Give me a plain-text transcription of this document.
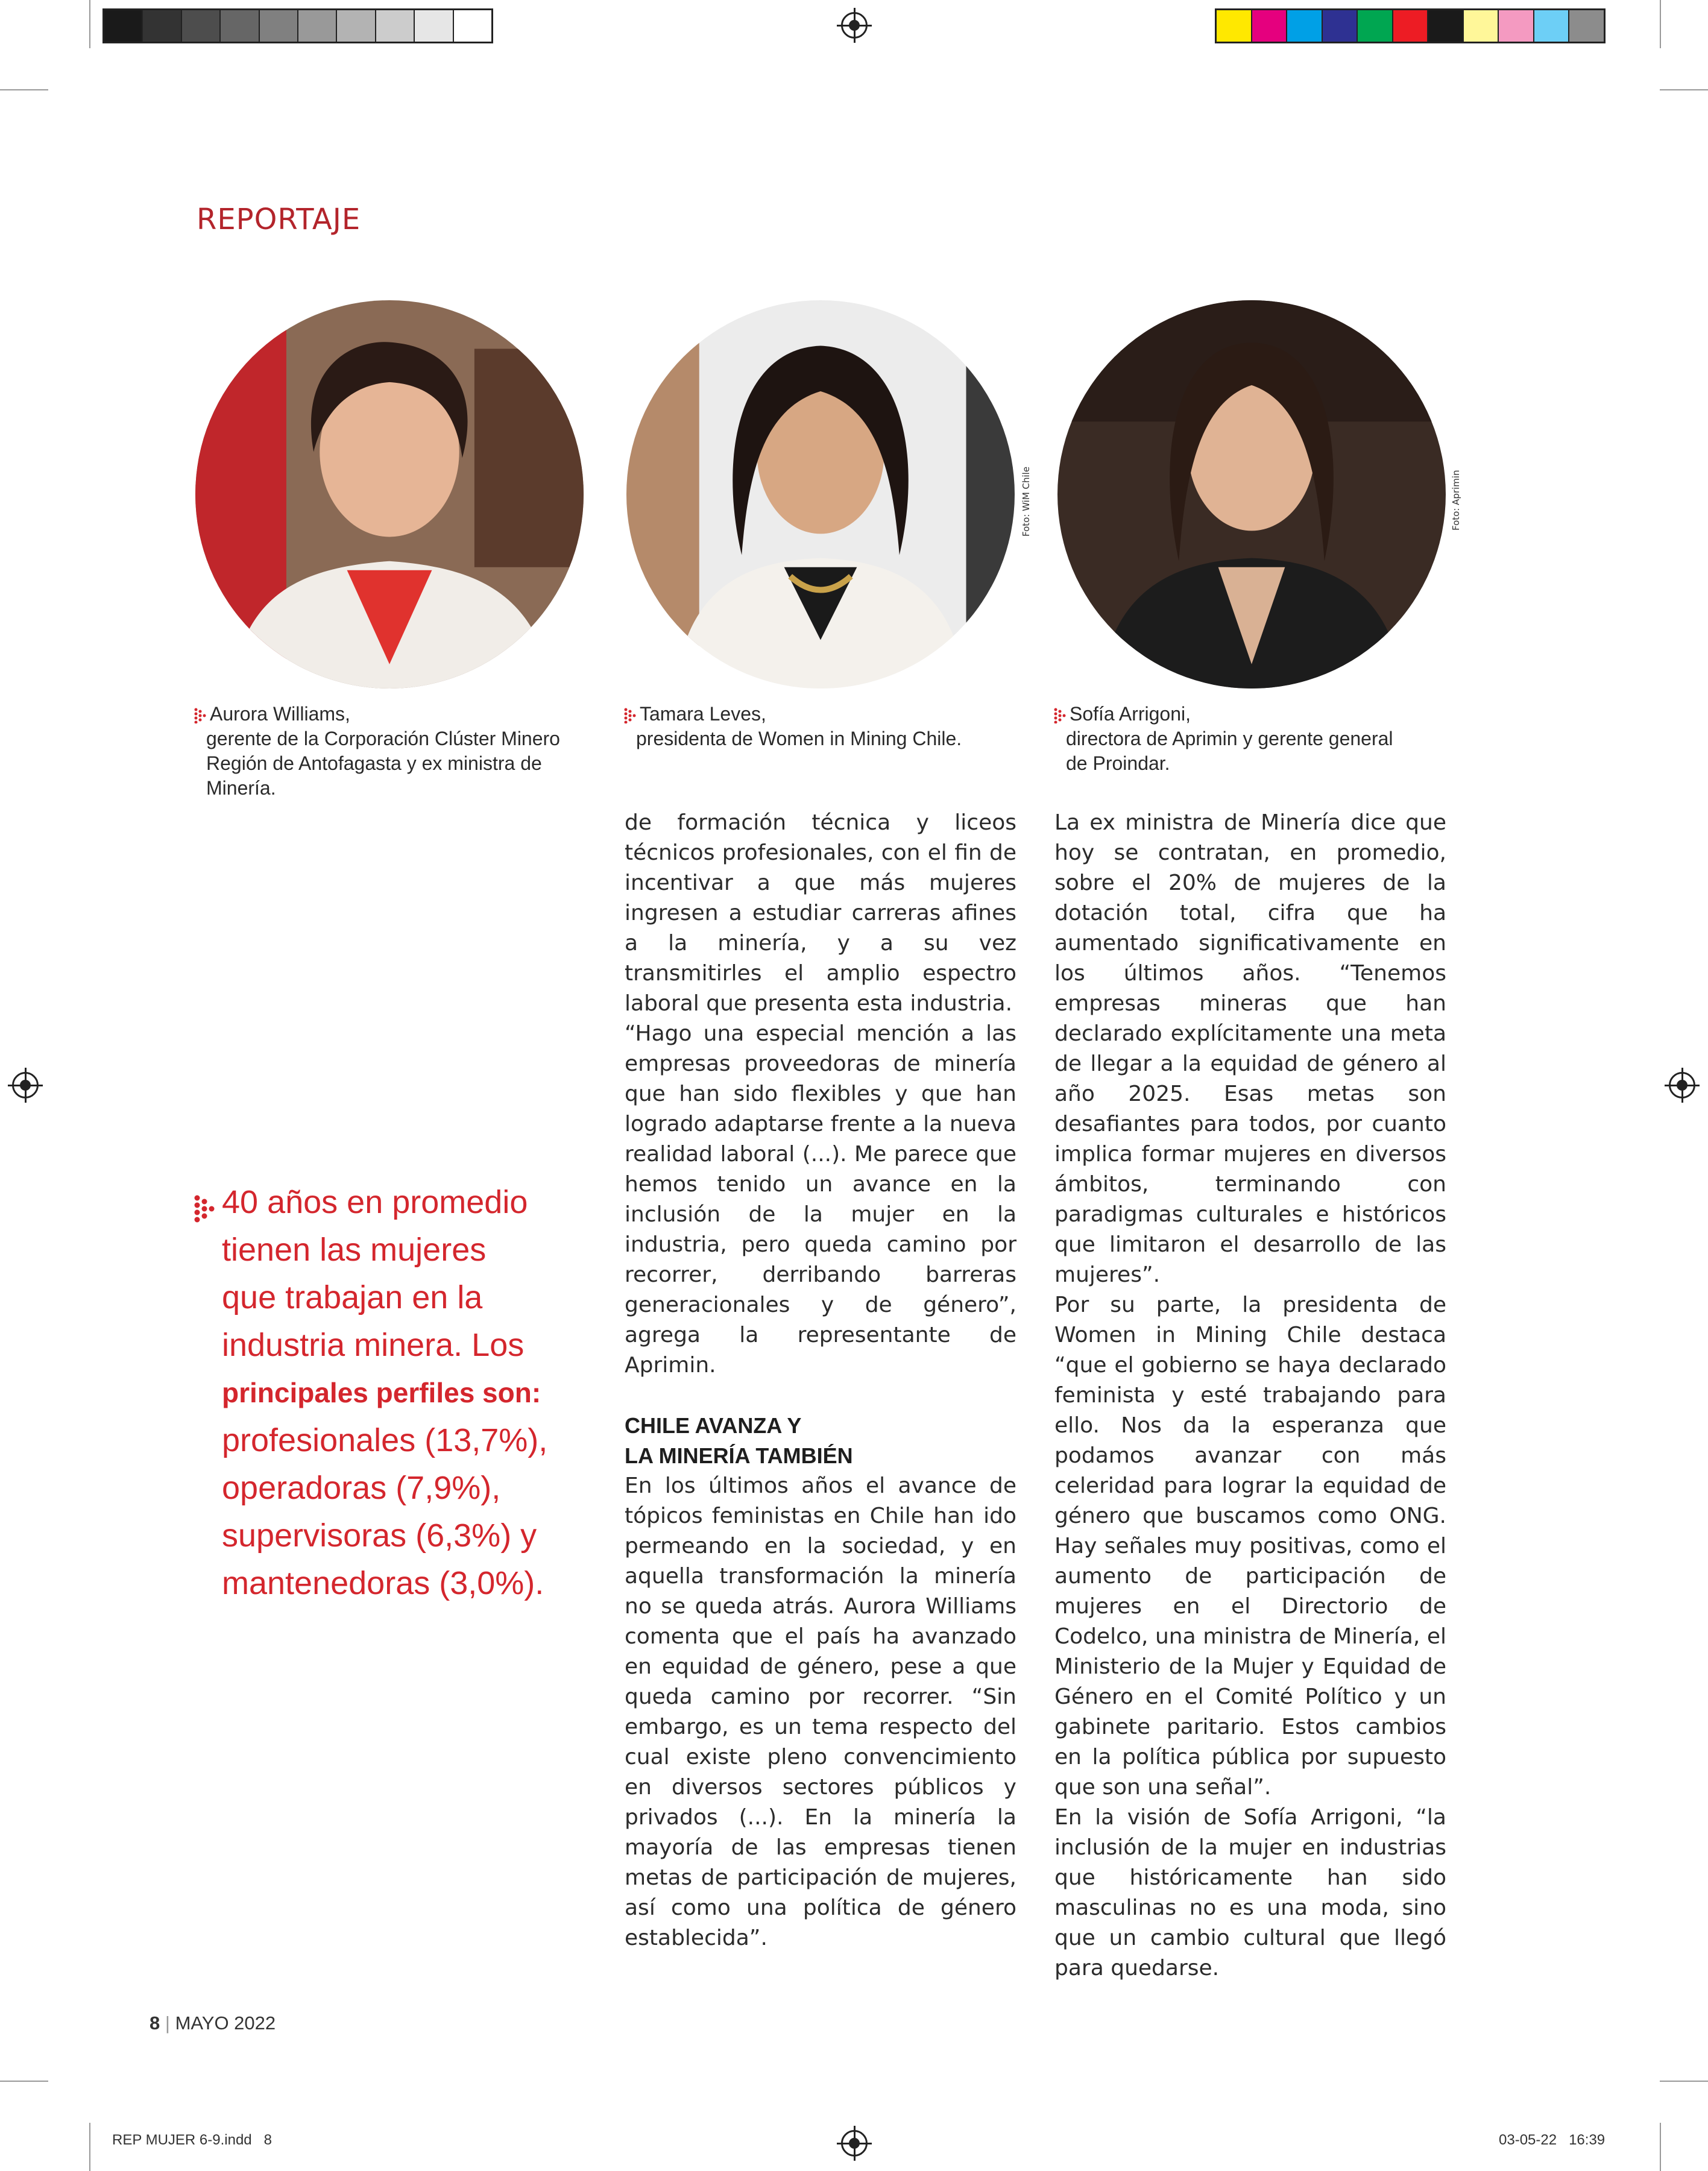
REPORTAJE
Foto: WiM Chile	Foto: Aprimin
Aurora Williams,
gerente de la Corporación Clúster Minero
Región de Antofagasta y ex ministra de
Minería.
Tamara Leves,
presidenta de Women in Mining Chile.
Sofía Arrigoni,
directora de Aprimin y gerente general
de Proindar.
40 años en promedio
tienen las mujeres
que trabajan en la
industria minera. Los
principales perfiles son:
profesionales (13,7%),
operadoras (7,9%),
supervisoras (6,3%) y
mantenedoras (3,0%).

de formación técnica y liceos técnicos profesionales, con el fin de incentivar a que más mujeres ingresen a estudiar carreras afines a la minería, y a su vez transmitirles el amplio espectro laboral que presenta esta industria.

“Hago una especial mención a las empresas proveedoras de minería que han sido flexibles y que han logrado adaptarse frente a la nueva realidad laboral (...). Me parece que hemos tenido un avance en la inclusión de la mujer en la industria, pero queda camino por recorrer, derribando barreras generacionales y de género”, agrega la representante de Aprimin.

CHILE AVANZA Y
LA MINERÍA TAMBIÉN

En los últimos años el avance de tópicos feministas en Chile han ido permeando en la sociedad, y en aquella transformación la minería no se queda atrás. Aurora Williams comenta que el país ha avanzado en equidad de género, pese a que queda camino por recorrer. “Sin embargo, es un tema respecto del cual existe pleno convencimiento en diversos sectores públicos y privados (...). En la minería la mayoría de las empresas tienen metas de participación de mujeres, así como una política de género establecida”.

La ex ministra de Minería dice que hoy se contratan, en promedio, sobre el 20% de mujeres de la dotación total, cifra que ha aumentado significativamente en los últimos años. “Tenemos empresas mineras que han declarado explícitamente una meta de llegar a la equidad de género al año 2025. Esas metas son desafiantes para todos, por cuanto implica formar mujeres en diversos ámbitos, terminando con paradigmas culturales e históricos que limitaron el desarrollo de las mujeres”.

Por su parte, la presidenta de Women in Mining Chile destaca “que el gobierno se haya declarado feminista y esté trabajando para ello. Nos da la esperanza que podamos avanzar con más celeridad para lograr la equidad de género que buscamos como ONG. Hay señales muy positivas, como el aumento de participación de mujeres en el Directorio de Codelco, una ministra de Minería, el Ministerio de la Mujer y Equidad de Género en el Comité Político y un gabinete paritario. Estos cambios en la política pública por supuesto que son una señal”.

En la visión de Sofía Arrigoni, “la inclusión de la mujer en industrias que históricamente han sido masculinas no es una moda, sino que un cambio cultural que llegó para quedarse.

8 | MAYO 2022
REP MUJER 6-9.indd   8	03-05-22   16:39
